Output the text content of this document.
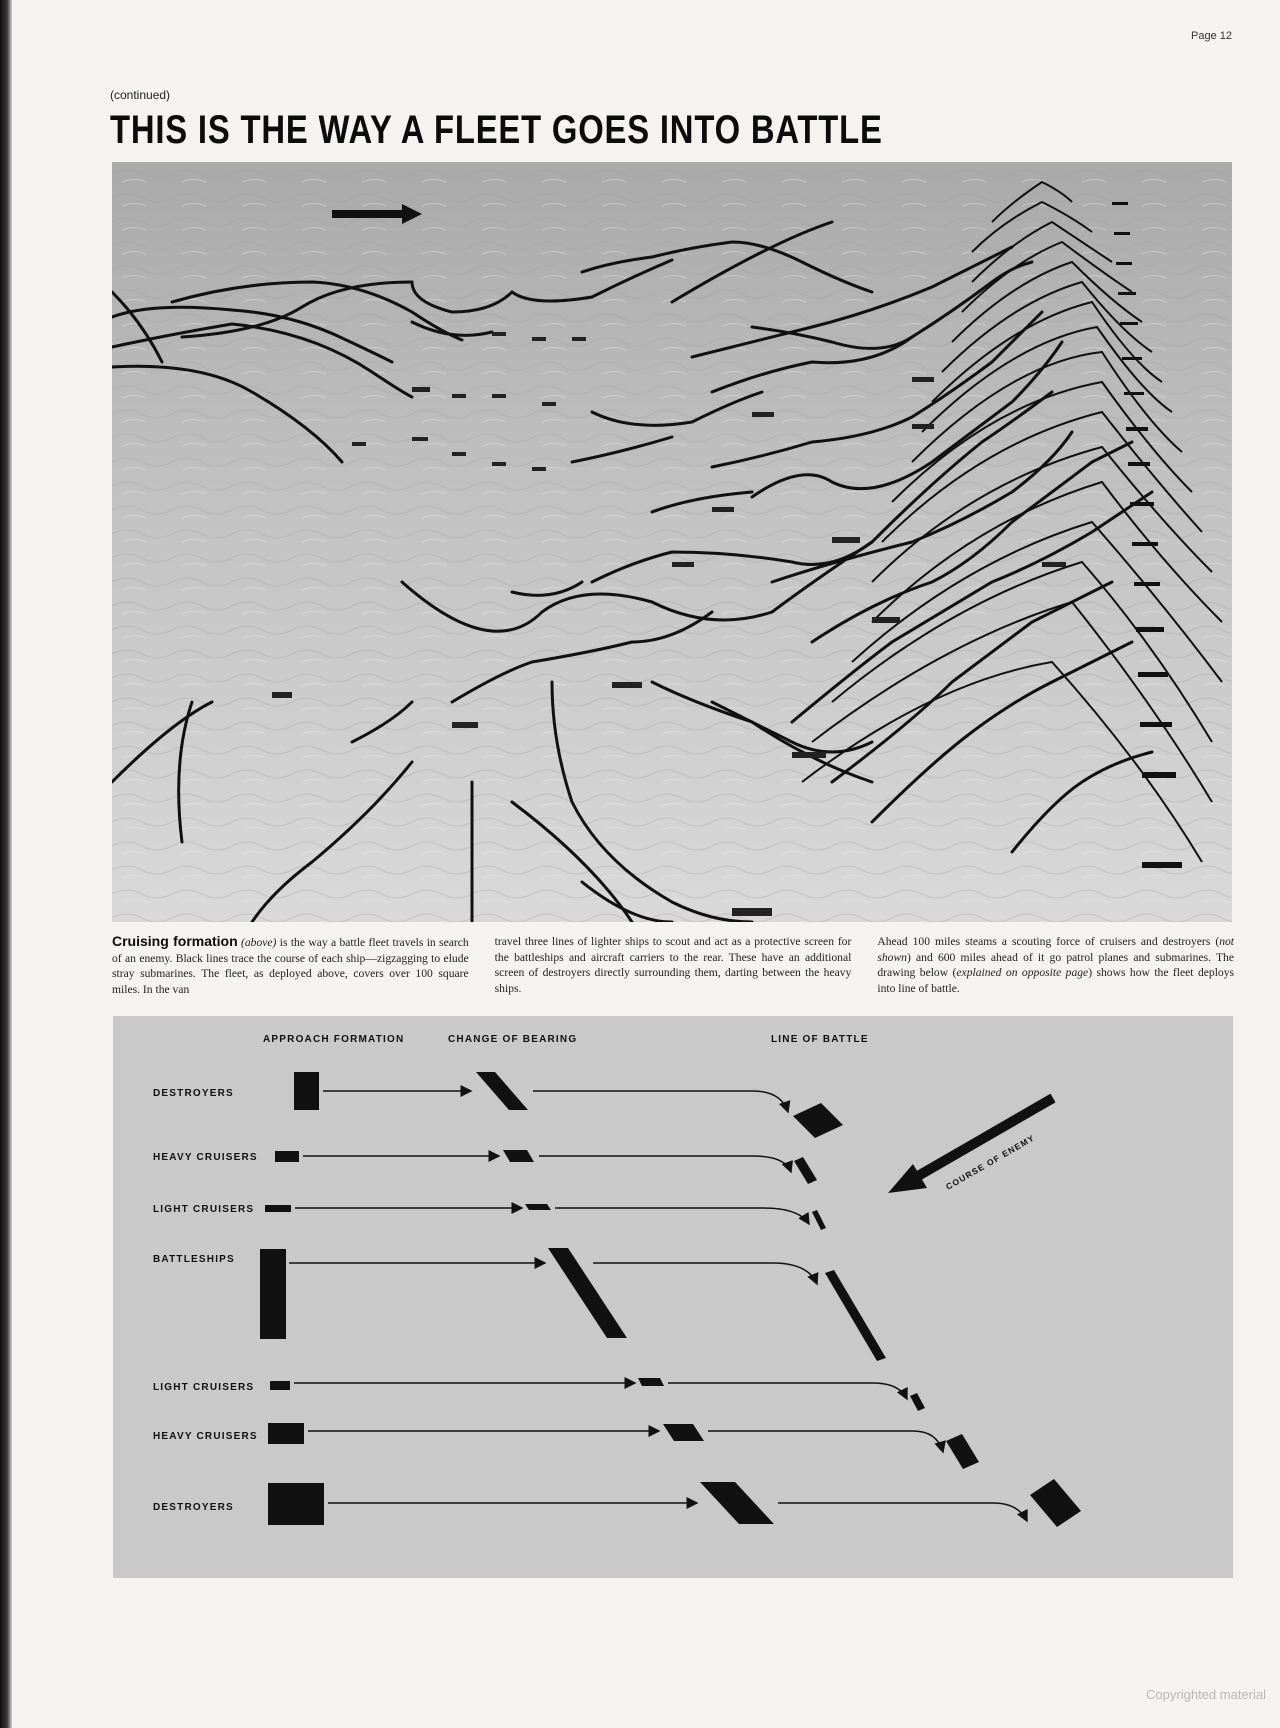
Page 12
(continued)
THIS IS THE WAY A FLEET GOES INTO BATTLE
Cruising formation (above) is the way a battle fleet travels in search of an enemy. Black lines trace the course of each ship—zigzagging to elude stray submarines. The fleet, as deployed above, covers over 100 square miles. In the van
travel three lines of lighter ships to scout and act as a protective screen for the battleships and aircraft carriers to the rear. These have an additional screen of destroyers directly surrounding them, darting between the heavy ships.
Ahead 100 miles steams a scouting force of cruisers and destroyers (not shown) and 600 miles ahead of it go patrol planes and submarines. The drawing below (explained on opposite page) shows how the fleet deploys into line of battle.
APPROACH FORMATION	CHANGE OF BEARING	LINE OF BATTLE
DESTROYERS
HEAVY CRUISERS
LIGHT CRUISERS
BATTLESHIPS
LIGHT CRUISERS
HEAVY CRUISERS
DESTROYERS
COURSE OF ENEMY
Copyrighted material
